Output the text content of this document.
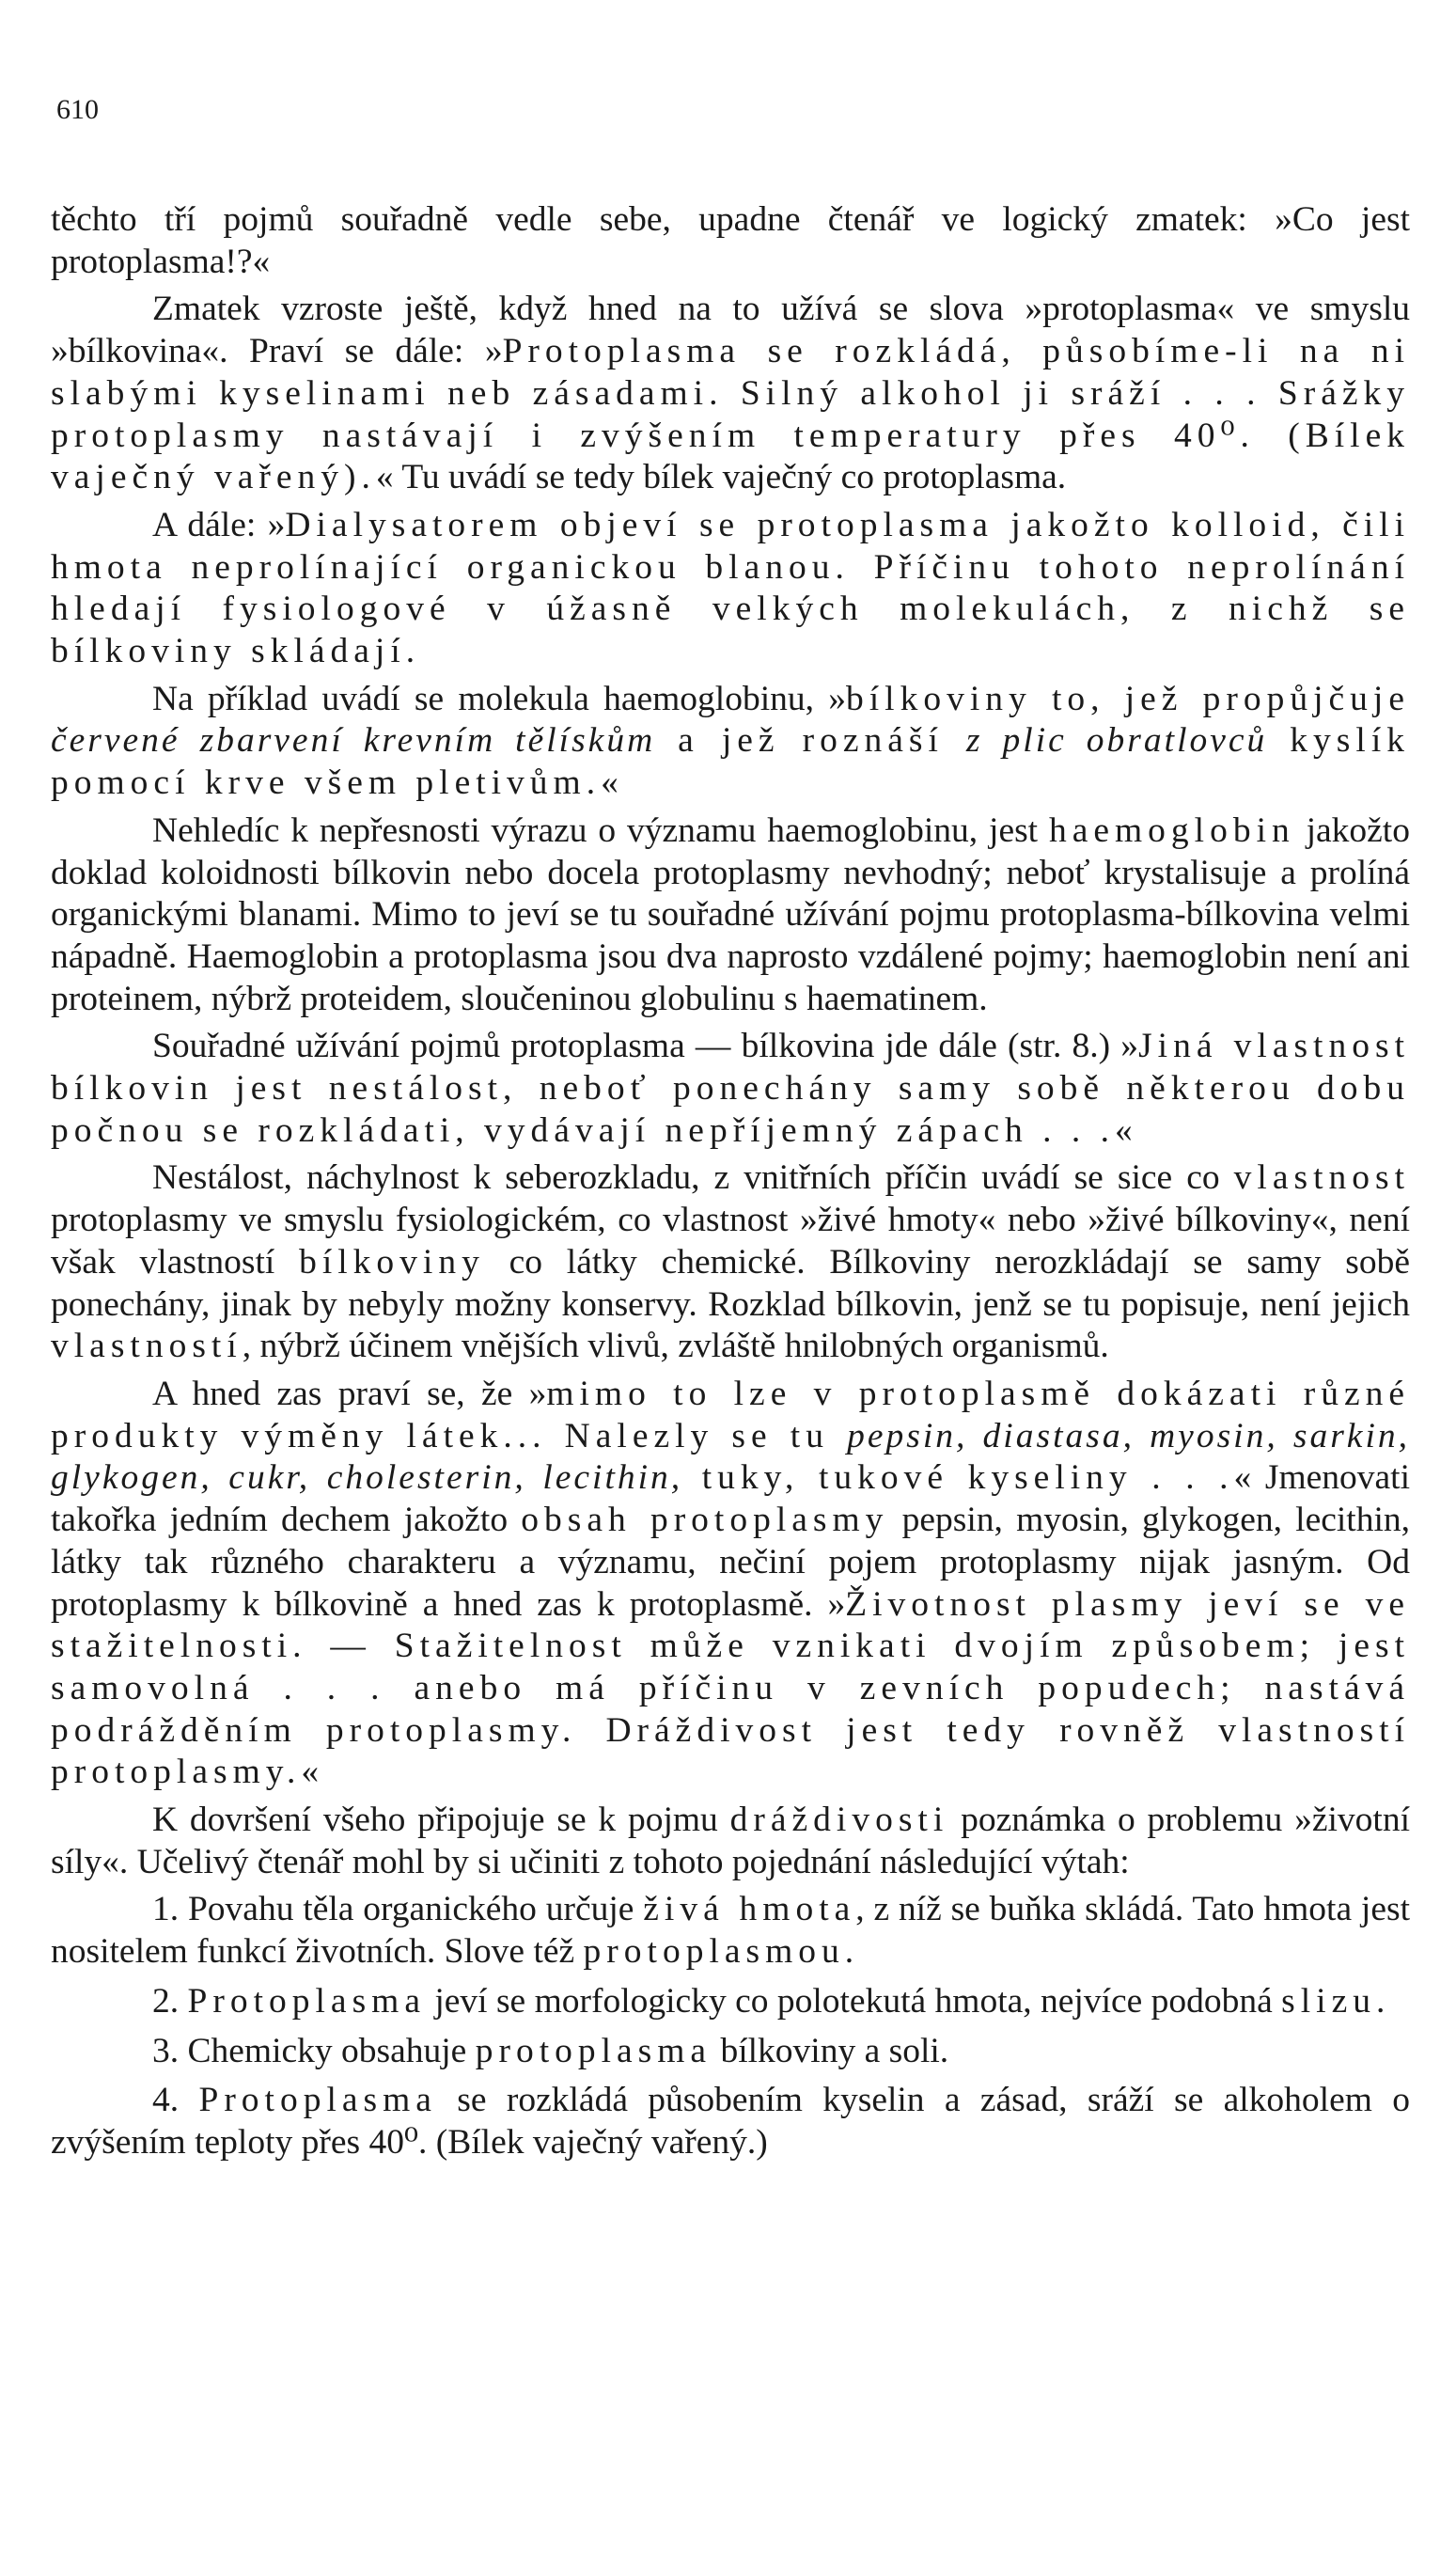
610

těchto tří pojmů souřadně vedle sebe, upadne čtenář ve logický zmatek: »Co jest protoplasma!?«

Zmatek vzroste ještě, když hned na to užívá se slova »protoplasma« ve smyslu »bílkovina«. Praví se dále: »Protoplasma se rozkládá, působíme-li na ni slabými kyselinami neb zásadami. Silný alkohol ji sráží . . . Srážky protoplasmy nastávají i zvýšením temperatury přes 40⁰. (Bílek vaječný vařený).« Tu uvádí se tedy bílek vaječný co protoplasma.

A dále: »Dialysatorem objeví se protoplasma jakožto kolloid, čili hmota neprolínající organickou blanou. Příčinu tohoto neprolínání hledají fysiologové v úžasně velkých molekulách, z nichž se bílkoviny skládají.

Na příklad uvádí se molekula haemoglobinu, »bílkoviny to, jež propůjčuje červené zbarvení krevním tělískům a jež roznáší z plic obratlovců kyslík pomocí krve všem pletivům.«

Nehledíc k nepřesnosti výrazu o významu haemoglobinu, jest haemoglobin jakožto doklad koloidnosti bílkovin nebo docela protoplasmy nevhodný; neboť krystalisuje a prolíná organickými blanami. Mimo to jeví se tu souřadné užívání pojmu protoplasma-bílkovina velmi nápadně. Haemoglobin a protoplasma jsou dva naprosto vzdálené pojmy; haemoglobin není ani proteinem, nýbrž proteidem, sloučeninou globulinu s haematinem.

Souřadné užívání pojmů protoplasma — bílkovina jde dále (str. 8.) »Jiná vlastnost bílkovin jest nestálost, neboť ponechány samy sobě některou dobu počnou se rozkládati, vydávají nepříjemný zápach . . .«

Nestálost, náchylnost k seberozkladu, z vnitřních příčin uvádí se sice co vlastnost protoplasmy ve smyslu fysiologickém, co vlastnost »živé hmoty« nebo »živé bílkoviny«, není však vlastností bílkoviny co látky chemické. Bílkoviny nerozkládají se samy sobě ponechány, jinak by nebyly možny konservy. Rozklad bílkovin, jenž se tu popisuje, není jejich vlastností, nýbrž účinem vnějších vlivů, zvláště hnilobných organismů.

A hned zas praví se, že »mimo to lze v protoplasmě dokázati různé produkty výměny látek... Nalezly se tu pepsin, diastasa, myosin, sarkin, glykogen, cukr, cholesterin, lecithin, tuky, tukové kyseliny . . .« Jmenovati takořka jedním dechem jakožto obsah protoplasmy pepsin, myosin, glykogen, lecithin, látky tak různého charakteru a významu, nečiní pojem protoplasmy nijak jasným. Od protoplasmy k bílkovině a hned zas k protoplasmě. »Životnost plasmy jeví se ve stažitelnosti. — Stažitelnost může vznikati dvojím způsobem; jest samovolná . . . anebo má příčinu v zevních popudech; nastává podrážděním protoplasmy. Dráždivost jest tedy rovněž vlastností protoplasmy.«

K dovršení všeho připojuje se k pojmu dráždivosti poznámka o problemu »životní síly«. Učelivý čtenář mohl by si učiniti z tohoto pojednání následující výtah:

1. Povahu těla organického určuje živá hmota, z níž se buňka skládá. Tato hmota jest nositelem funkcí životních. Slove též protoplasmou.

2. Protoplasma jeví se morfologicky co polotekutá hmota, nejvíce podobná slizu.

3. Chemicky obsahuje protoplasma bílkoviny a soli.

4. Protoplasma se rozkládá působením kyselin a zásad, sráží se alkoholem o zvýšením teploty přes 40⁰. (Bílek vaječný vařený.)
